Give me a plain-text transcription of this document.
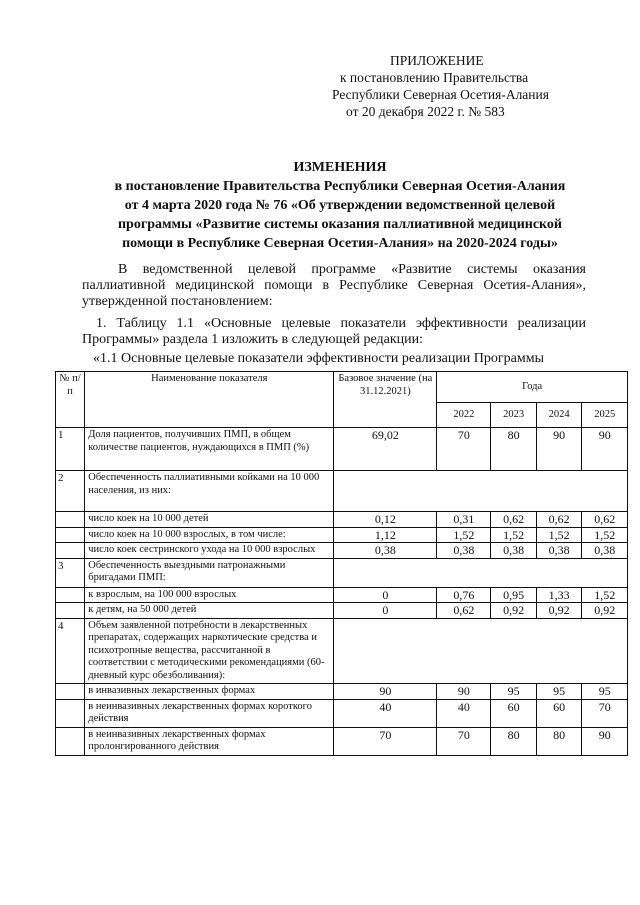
ПРИЛОЖЕНИЕ
к постановлению Правительства
Республики Северная Осетия-Алания
от 20 декабря 2022 г. № 583
ИЗМЕНЕНИЯ
в постановление Правительства Республики Северная Осетия-Алания
от 4 марта 2020 года № 76 «Об утверждении ведомственной целевой
программы «Развитие системы оказания паллиативной медицинской
помощи в Республике Северная Осетия-Алания» на 2020-2024 годы»
В ведомственной целевой программе «Развитие системы оказания паллиативной медицинской помощи в Республике Северная Осетия-Алания», утвержденной постановлением:
1. Таблицу 1.1 «Основные целевые показатели эффективности реализации Программы» раздела 1 изложить в следующей редакции:
«1.1 Основные целевые показатели эффективности реализации Программы
№ п/п	Наименование показателя	Базовое значение (на 31.12.2021)	Года			
			2022	2023	2024	2025
1	Доля пациентов, получивших ПМП, в общем количестве пациентов, нуждающихся в ПМП (%)	69,02	70	80	90	90
2	Обеспеченность паллиативными койками на 10 000 населения, из них:					
	число коек на 10 000 детей	0,12	0,31	0,62	0,62	0,62
	число коек на 10 000 взрослых, в том числе:	1,12	1,52	1,52	1,52	1,52
	число коек сестринского ухода на 10 000 взрослых	0,38	0,38	0,38	0,38	0,38
3	Обеспеченность выездными патронажными бригадами ПМП:					
	к взрослым, на 100 000 взрослых	0	0,76	0,95	1,33	1,52
	к детям, на 50 000 детей	0	0,62	0,92	0,92	0,92
4	Объем заявленной потребности в лекарственных препаратах, содержащих наркотические средства и психотропные вещества, рассчитанной в соответствии с методическими рекомендациями (60-дневный курс обезболивания):					
	в инвазивных лекарственных формах	90	90	95	95	95
	в неинвазивных лекарственных формах короткого действия	40	40	60	60	70
	в неинвазивных лекарственных формах пролонгированного действия	70	70	80	80	90
